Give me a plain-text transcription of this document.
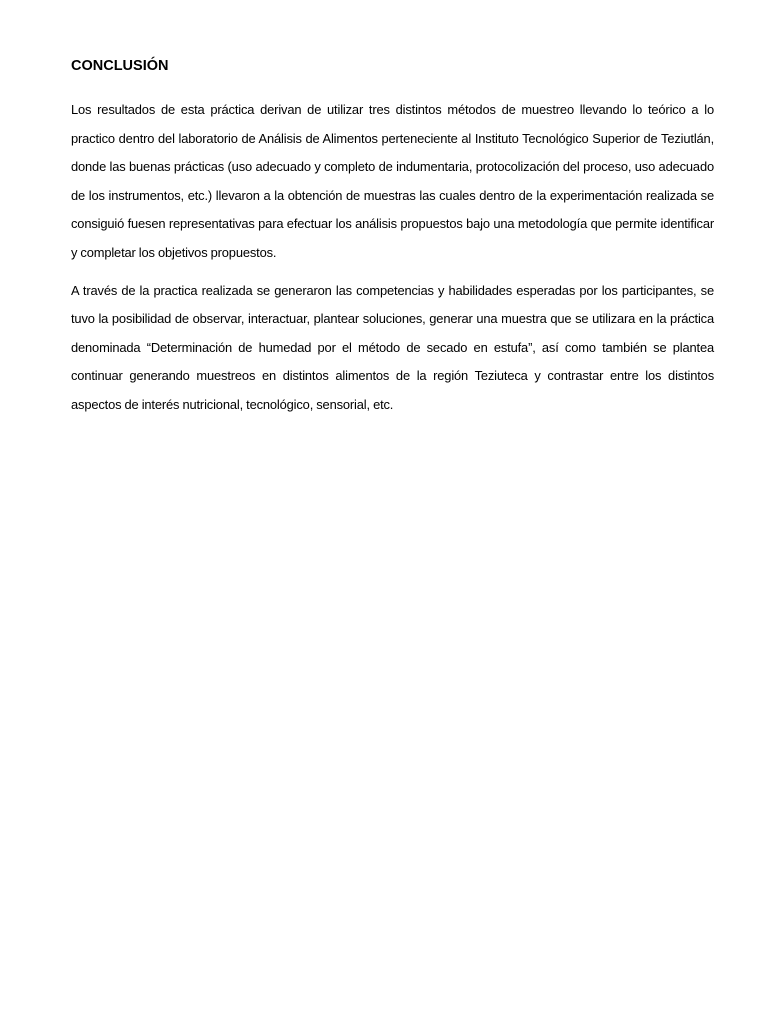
CONCLUSIÓN

Los resultados de esta práctica derivan de utilizar tres distintos métodos de muestreo llevando lo teórico a lo practico dentro del laboratorio de Análisis de Alimentos perteneciente al Instituto Tecnológico Superior de Teziutlán, donde las buenas prácticas (uso adecuado y completo de indumentaria, protocolización del proceso, uso adecuado de los instrumentos, etc.) llevaron a la obtención de muestras las cuales dentro de la experimentación realizada se consiguió fuesen representativas para efectuar los análisis propuestos bajo una metodología que permite identificar y completar los objetivos propuestos.

A través de la practica realizada se generaron las competencias y habilidades esperadas por los participantes, se tuvo la posibilidad de observar, interactuar, plantear soluciones, generar una muestra que se utilizara en la práctica denominada “Determinación de humedad por el método de secado en estufa”, así como también se plantea continuar generando muestreos en distintos alimentos de la región Teziuteca y contrastar entre los distintos aspectos de interés nutricional, tecnológico, sensorial, etc.
